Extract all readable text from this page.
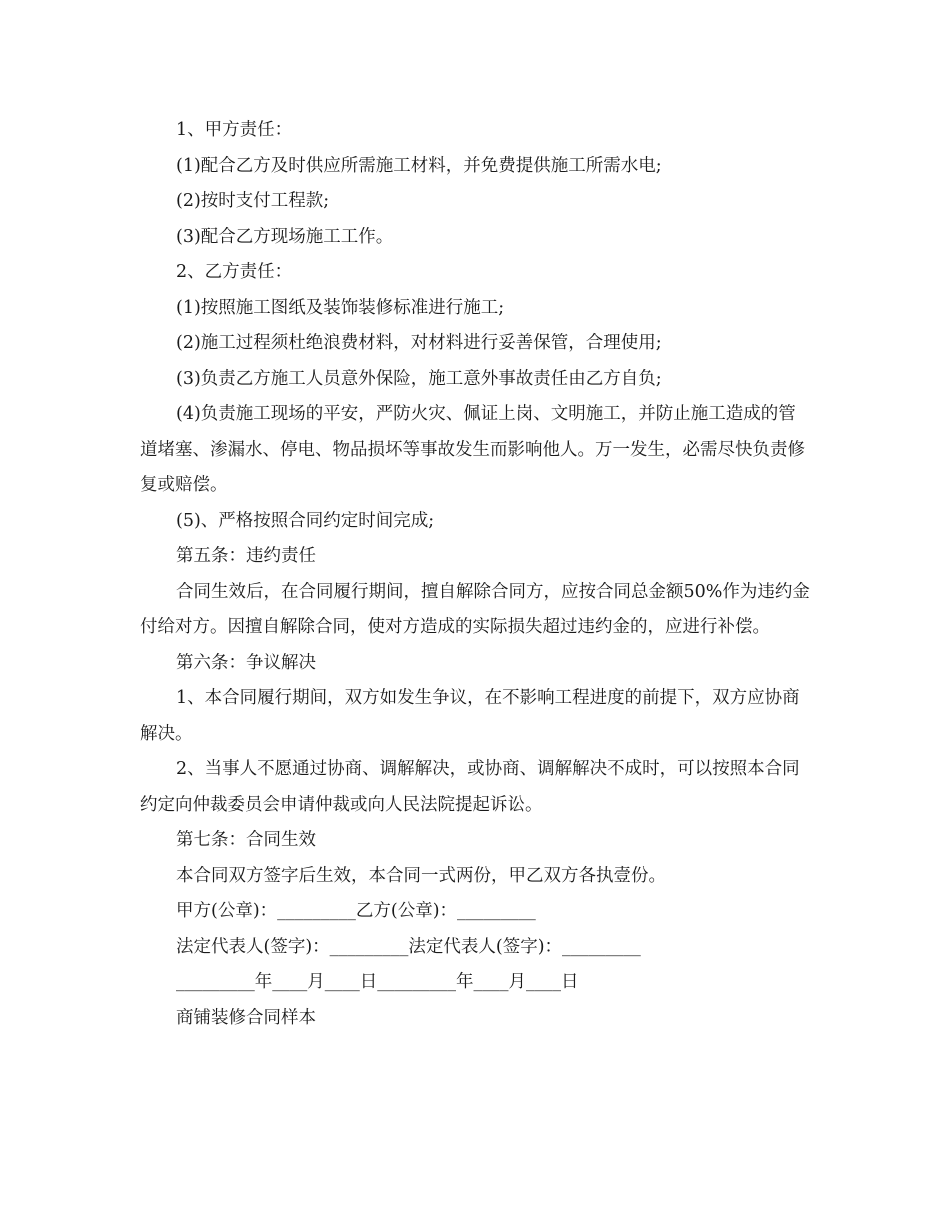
1、甲方责任：

(1)配合乙方及时供应所需施工材料，并免费提供施工所需水电;

(2)按时支付工程款;

(3)配合乙方现场施工工作。

2、乙方责任：

(1)按照施工图纸及装饰装修标准进行施工;

(2)施工过程须杜绝浪费材料，对材料进行妥善保管，合理使用;

(3)负责乙方施工人员意外保险，施工意外事故责任由乙方自负;

(4)负责施工现场的平安，严防火灾、佩证上岗、文明施工，并防止施工造成的管道堵塞、渗漏水、停电、物品损坏等事故发生而影响他人。万一发生，必需尽快负责修复或赔偿。

(5)、严格按照合同约定时间完成;

第五条：违约责任

合同生效后，在合同履行期间，擅自解除合同方，应按合同总金额50%作为违约金付给对方。因擅自解除合同，使对方造成的实际损失超过违约金的，应进行补偿。

第六条：争议解决

1、本合同履行期间，双方如发生争议，在不影响工程进度的前提下，双方应协商解决。

2、当事人不愿通过协商、调解解决，或协商、调解解决不成时，可以按照本合同约定向仲裁委员会申请仲裁或向人民法院提起诉讼。

第七条：合同生效

本合同双方签字后生效，本合同一式两份，甲乙双方各执壹份。

甲方(公章)：_________乙方(公章)：_________

法定代表人(签字)：_________法定代表人(签字)：_________

_________年____月____日_________年____月____日

商铺装修合同样本
